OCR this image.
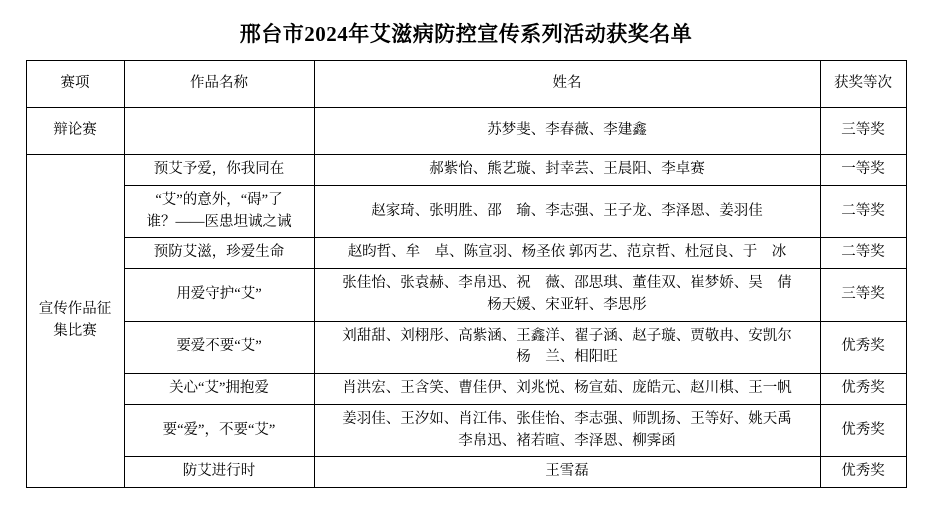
邢台市2024年艾滋病防控宣传系列活动获奖名单
赛项	作品名称	姓名	获奖等次
辩论赛		苏梦斐、李春薇、李建鑫	三等奖
宣传作品征集比赛	预艾予爱，你我同在	郝紫怡、熊艺璇、封幸芸、王晨阳、李卓赛	一等奖

	“艾”的意外，“碍”了
谁？——医患坦诚之诫	赵家琦、张明胜、邵　瑜、李志强、王子龙、李泽恩、姜羽佳	二等奖

	预防艾滋，珍爱生命	赵昀哲、牟　卓、陈宣羽、杨圣依 郭丙艺、范京哲、杜冠良、于　冰	二等奖

	用爱守护“艾”	张佳怡、张袁赫、李帛迅、祝　薇、邵思琪、董佳双、崔梦娇、吴　倩
杨天媛、宋亚轩、李思彤	三等奖

	要爱不要“艾”	刘甜甜、刘栩彤、高紫涵、王鑫洋、翟子涵、赵子璇、贾敬冉、安凯尔
杨　兰、相阳旺	优秀奖

	关心“艾”拥抱爱	肖洪宏、王含笑、曹佳伊、刘兆悦、杨宣茹、庞皓元、赵川棋、王一帆	优秀奖

	要“爱”，不要“艾”	姜羽佳、王汐如、肖江伟、张佳怡、李志强、师凯扬、王等好、姚天禹
李帛迅、褚若暄、李泽恩、柳霁函	优秀奖

	防艾进行时	王雪磊	优秀奖
